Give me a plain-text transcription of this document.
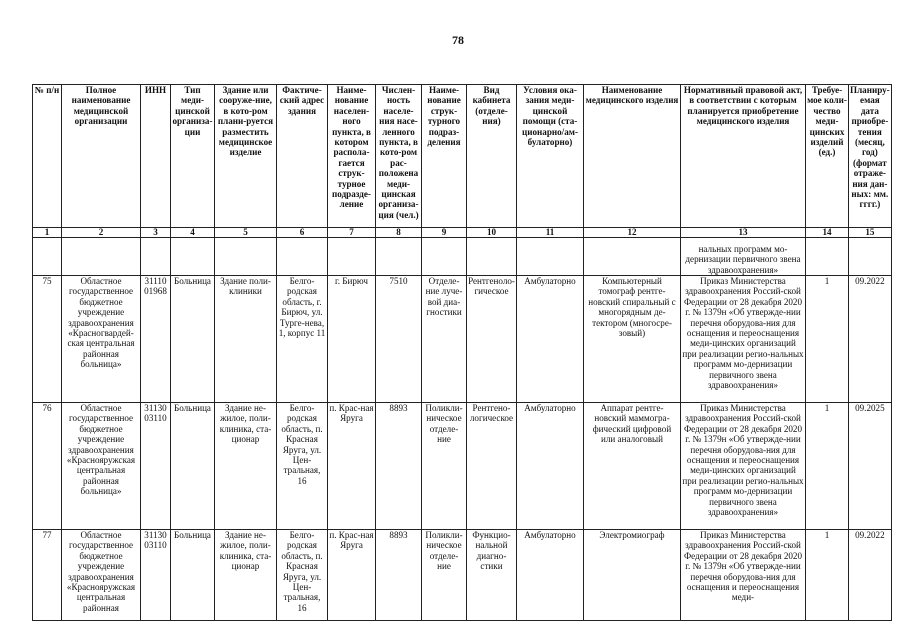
78
№ п/н	Полное наименование медицинской организации	ИНН	Тип меди-цинской организа-ции	Здание или сооруже-ние, в кото-ром плани-руется разместить медицинское изделие	Фактиче-ский адрес здания	Наиме-нование населен-ного пункта, в котором распола-гается струк-турное подразде-ление	Числен-ность населе-ния насе-ленного пункта, в кото-ром рас-положена меди-цинская организа-ция (чел.)	Наиме-нование струк-турного подраз-деления	Вид кабинета (отделе-ния)	Условия ока-зания меди-цинской помощи (ста-ционарно/ам-булаторно)	Наименование медицинского изделия	Нормативный правовой акт, в соответствии с которым планируется приобретение медицинского изделия	Требуе-мое коли-чество меди-цинских изделий (ед.)	Планиру-емая дата приобре-тения (месяц, год) (формат отраже-ния дан-ных: мм. гггг.)
1	2	3	4	5	6	7	8	9	10	11	12	13	14	15
												нальных программ мо-дернизации первичного звена здравоохранения»		
75	Областное государственное бюджетное учреждение здравоохранения «Красногвардей-ская центральная районная больница»	31110 01968	Больница	Здание поли-клиники	Белго-родская область, г. Бирюч, ул. Турге-нева, 1, корпус 11	г. Бирюч	7510	Отделе-ние луче-вой диа-гностики	Рентгеноло-гическое	Амбулаторно	Компьютерный томограф рентге-новский спиральный с многорядным де-тектором (многосре-зовый)	Приказ Министерства здравоохранения Россий-ской Федерации от 28 декабря 2020 г. № 1379н «Об утвержде-нии перечня оборудова-ния для оснащения и переоснащения меди-цинских организаций при реализации регио-нальных программ мо-дернизации первичного звена здравоохранения»	1	09.2022
76	Областное государственное бюджетное учреждение здравоохранения «Краснояружская центральная районная больница»	31130 03110	Больница	Здание не-жилое, поли-клиника, ста-ционар	Белго-родская область, п. Красная Яруга, ул. Цен-тральная, 16	п. Крас-ная Яруга	8893	Поликли-ническое отделе-ние	Рентгено-логическое	Амбулаторно	Аппарат рентге-новский маммогра-фический цифровой или аналоговый	Приказ Министерства здравоохранения Россий-ской Федерации от 28 декабря 2020 г. № 1379н «Об утвержде-нии перечня оборудова-ния для оснащения и переоснащения меди-цинских организаций при реализации регио-нальных программ мо-дернизации первичного звена здравоохранения»	1	09.2025
77	Областное государственное бюджетное учреждение здравоохранения «Краснояружская центральная районная	31130 03110	Больница	Здание не-жилое, поли-клиника, ста-ционар	Белго-родская область, п. Красная Яруга, ул. Цен-тральная, 16	п. Крас-ная Яруга	8893	Поликли-ническое отделе-ние	Функцио-нальной диагно-стики	Амбулаторно	Электромиограф	Приказ Министерства здравоохранения Россий-ской Федерации от 28 декабря 2020 г. № 1379н «Об утвержде-нии перечня оборудова-ния для оснащения и переоснащения меди-	1	09.2022
